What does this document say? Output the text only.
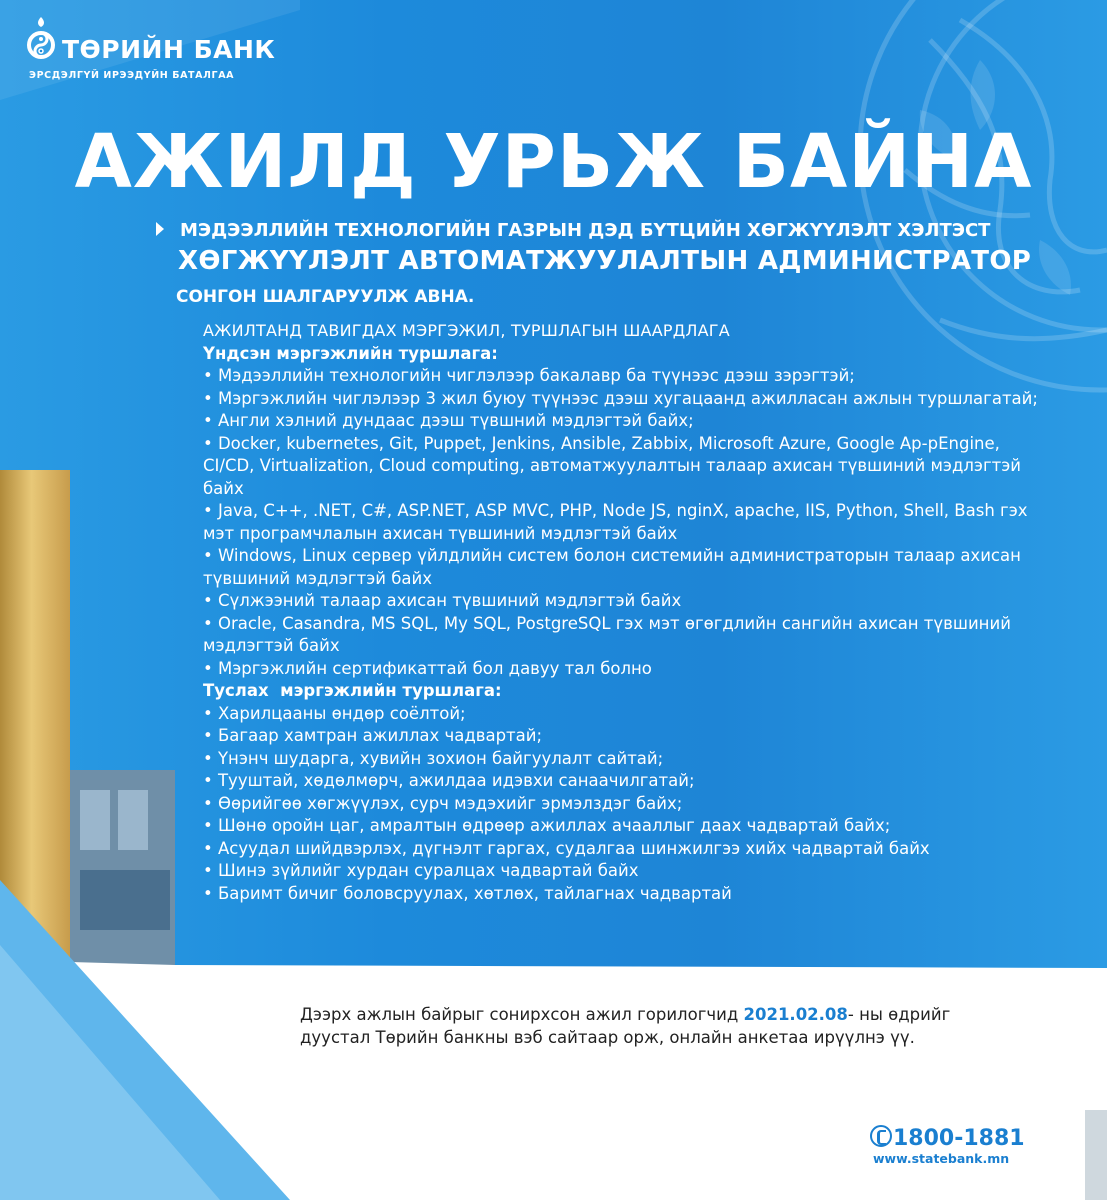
ТӨРИЙН БАНК
ЭРСДЭЛГҮЙ ИРЭЭДҮЙН БАТАЛГАА
АЖИЛД УРЬЖ БАЙНА
МЭДЭЭЛЛИЙН ТЕХНОЛОГИЙН ГАЗРЫН ДЭД БҮТЦИЙН ХӨГЖҮҮЛЭЛТ ХЭЛТЭСТ
ХӨГЖҮҮЛЭЛТ АВТОМАТЖУУЛАЛТЫН АДМИНИСТРАТОР
СОНГОН ШАЛГАРУУЛЖ АВНА.
АЖИЛТАНД ТАВИГДАХ МЭРГЭЖИЛ, ТУРШЛАГЫН ШААРДЛАГА
Үндсэн мэргэжлийн туршлага:
• Мэдээллийн технологийн чиглэлээр бакалавр ба түүнээс дээш зэрэгтэй;
• Мэргэжлийн чиглэлээр 3 жил буюу түүнээс дээш хугацаанд ажилласан ажлын туршлагатай;
• Англи хэлний дундаас дээш түвшний мэдлэгтэй байх;
• Docker, kubernetes, Git, Puppet, Jenkins, Ansible, Zabbix, Microsoft Azure, Google Ap-pEngine, CI/CD, Virtualization, Cloud computing, автоматжуулалтын талаар ахисан түвшиний мэдлэгтэй байх
• Java, C++, .NET, C#, ASP.NET, ASP MVC, PHP, Node JS, nginX, apache, IIS, Python, Shell, Bash гэх мэт програмчлалын ахисан түвшиний мэдлэгтэй байх
• Windows, Linux сервер үйлдлийн систем болон системийн администраторын талаар ахисан түвшиний мэдлэгтэй байх
• Сүлжээний талаар ахисан түвшиний мэдлэгтэй байх
• Oracle, Casandra, MS SQL, My SQL, PostgreSQL гэх мэт өгөгдлийн сангийн ахисан түвшиний мэдлэгтэй байх
• Мэргэжлийн сертификаттай бол давуу тал болно
Туслах  мэргэжлийн туршлага:
• Харилцааны өндөр соёлтой;
• Багаар хамтран ажиллах чадвартай;
• Үнэнч шударга, хувийн зохион байгуулалт сайтай;
• Тууштай, хөдөлмөрч, ажилдаа идэвхи санаачилгатай;
• Өөрийгөө хөгжүүлэх, сурч мэдэхийг эрмэлздэг байх;
• Шөнө оройн цаг, амралтын өдрөөр ажиллах ачааллыг даах чадвартай байх;
• Асуудал шийдвэрлэх, дүгнэлт гаргах, судалгаа шинжилгээ хийх чадвартай байх
• Шинэ зүйлийг хурдан суралцах чадвартай байх
• Баримт бичиг боловсруулах, хөтлөх, тайлагнах чадвартай
Дээрх ажлын байрыг сонирхсон ажил горилогчид 2021.02.08- ны өдрийг дуустал Төрийн банкны вэб сайтаар орж, онлайн анкетаа ирүүлнэ үү.
1800-1881
www.statebank.mn
